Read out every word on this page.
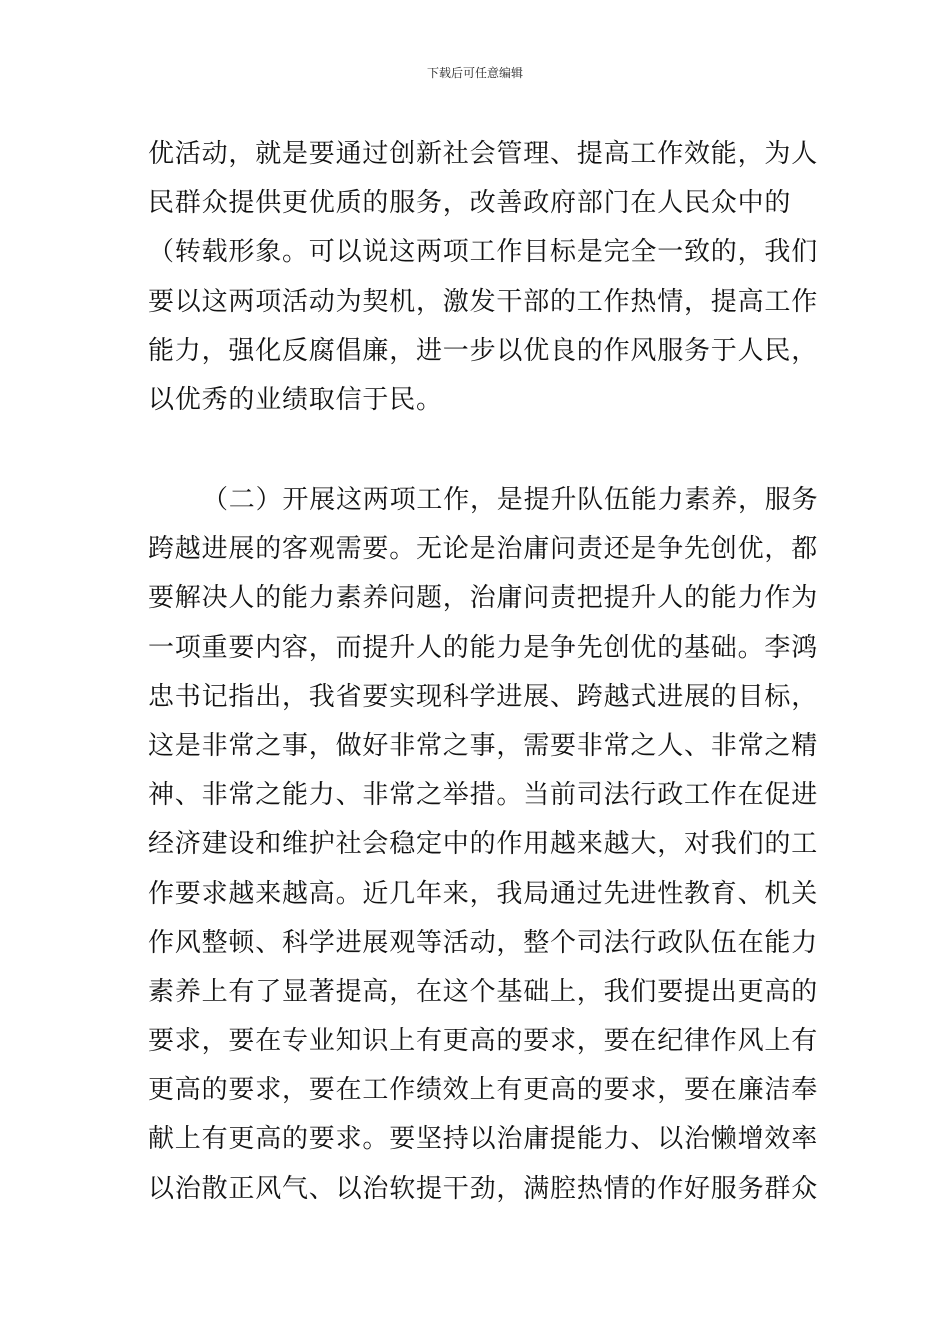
下载后可任意编辑
优活动，就是要通过创新社会管理、提高工作效能，为人
民群众提供更优质的服务，改善政府部门在人民众中的
（转载形象。可以说这两项工作目标是完全一致的，我们
要以这两项活动为契机，激发干部的工作热情，提高工作
能力，强化反腐倡廉，进一步以优良的作风服务于人民，
以优秀的业绩取信于民。
（二）开展这两项工作，是提升队伍能力素养，服务
跨越进展的客观需要。无论是治庸问责还是争先创优，都
要解决人的能力素养问题，治庸问责把提升人的能力作为
一项重要内容，而提升人的能力是争先创优的基础。李鸿
忠书记指出，我省要实现科学进展、跨越式进展的目标，
这是非常之事，做好非常之事，需要非常之人、非常之精
神、非常之能力、非常之举措。当前司法行政工作在促进
经济建设和维护社会稳定中的作用越来越大，对我们的工
作要求越来越高。近几年来，我局通过先进性教育、机关
作风整顿、科学进展观等活动，整个司法行政队伍在能力
素养上有了显著提高，在这个基础上，我们要提出更高的
要求，要在专业知识上有更高的要求，要在纪律作风上有
更高的要求，要在工作绩效上有更高的要求，要在廉洁奉
献上有更高的要求。要坚持以治庸提能力、以治懒增效率
以治散正风气、以治软提干劲，满腔热情的作好服务群众
